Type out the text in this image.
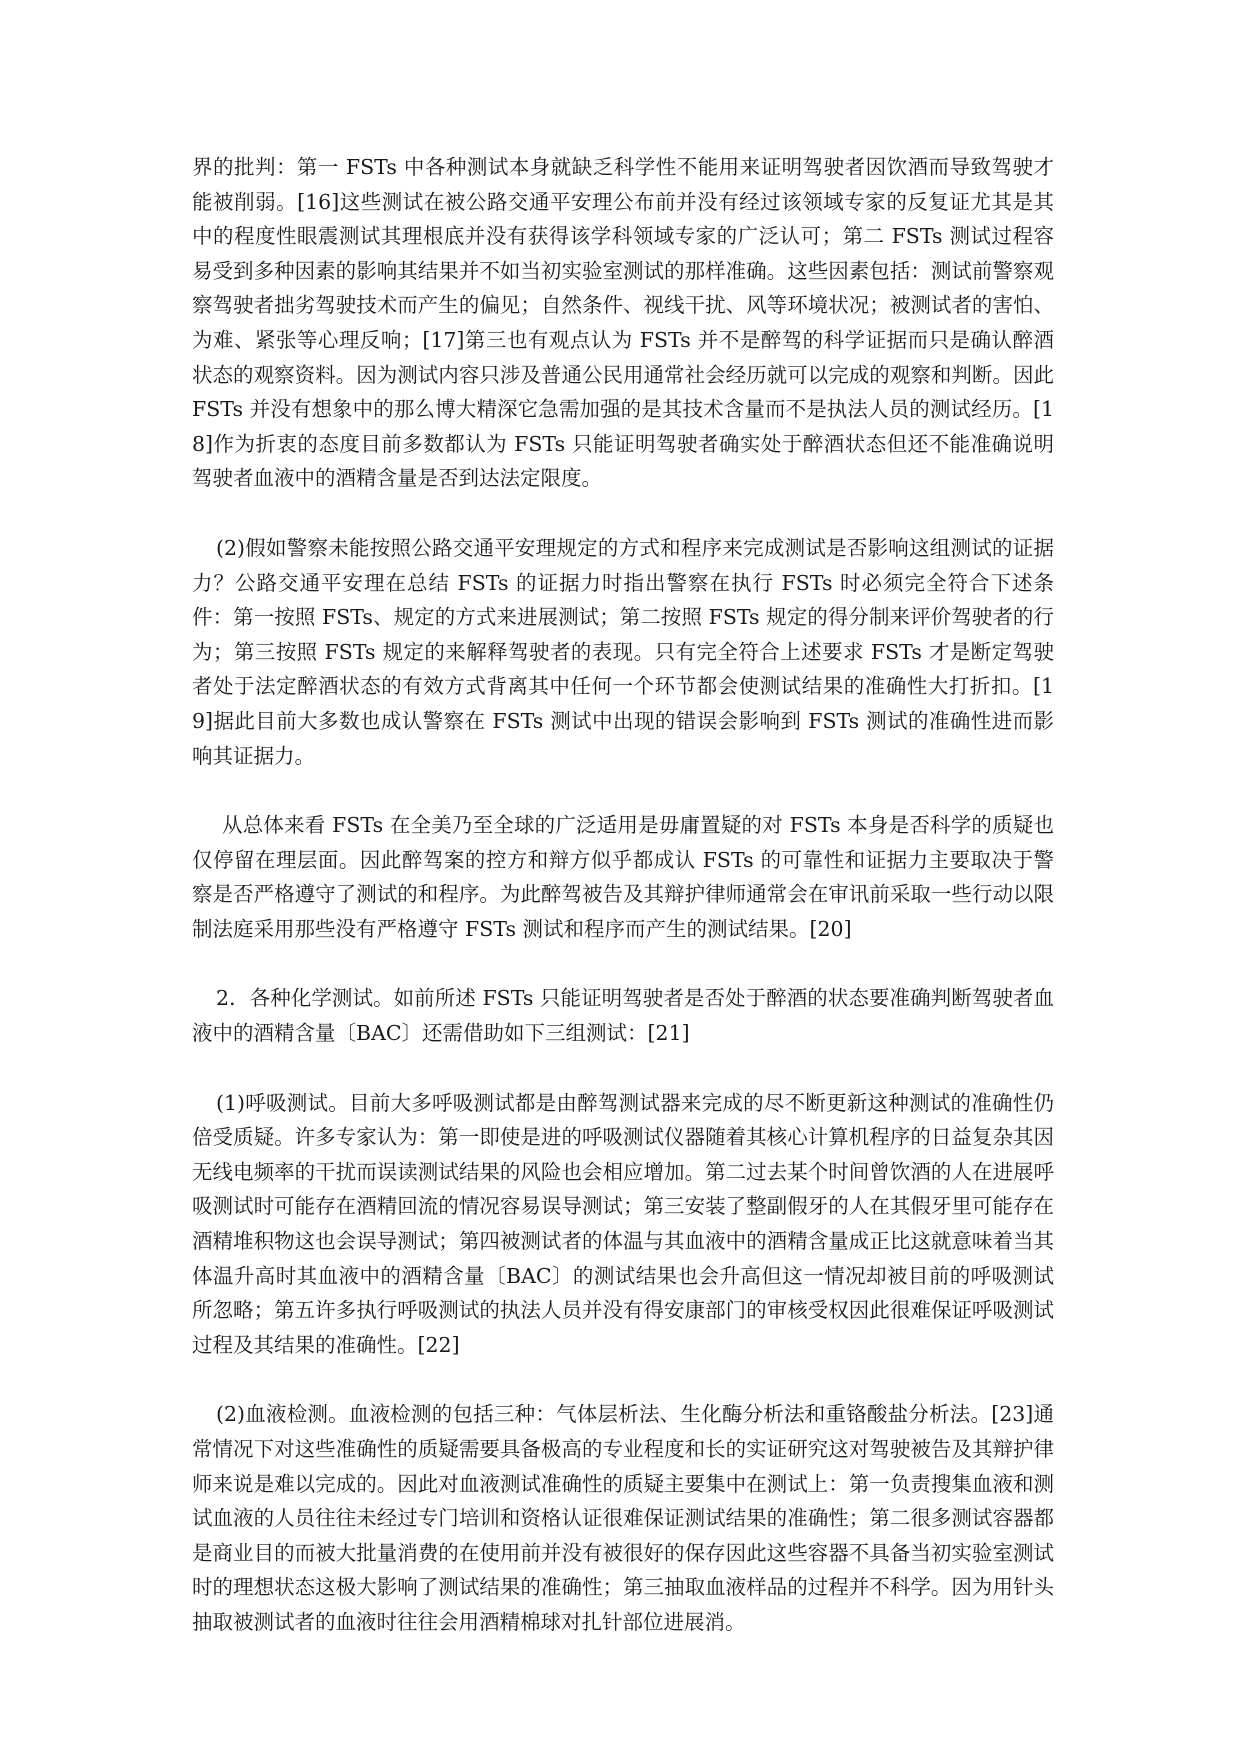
界的批判：第一 FSTs 中各种测试本身就缺乏科学性不能用来证明驾驶者因饮酒而导致驾驶才能被削弱。[16]这些测试在被公路交通平安理公布前并没有经过该领域专家的反复证尤其是其中的程度性眼震测试其理根底并没有获得该学科领域专家的广泛认可；第二 FSTs 测试过程容易受到多种因素的影响其结果并不如当初实验室测试的那样准确。这些因素包括：测试前警察观察驾驶者拙劣驾驶技术而产生的偏见；自然条件、视线干扰、风等环境状况；被测试者的害怕、为难、紧张等心理反响；[17]第三也有观点认为 FSTs 并不是醉驾的科学证据而只是确认醉酒状态的观察资料。因为测试内容只涉及普通公民用通常社会经历就可以完成的观察和判断。因此 FSTs 并没有想象中的那么博大精深它急需加强的是其技术含量而不是执法人员的测试经历。[18]作为折衷的态度目前多数都认为 FSTs 只能证明驾驶者确实处于醉酒状态但还不能准确说明驾驶者血液中的酒精含量是否到达法定限度。

(2)假如警察未能按照公路交通平安理规定的方式和程序来完成测试是否影响这组测试的证据力？公路交通平安理在总结 FSTs 的证据力时指出警察在执行 FSTs 时必须完全符合下述条件：第一按照 FSTs、规定的方式来进展测试；第二按照 FSTs 规定的得分制来评价驾驶者的行为；第三按照 FSTs 规定的来解释驾驶者的表现。只有完全符合上述要求 FSTs 才是断定驾驶者处于法定醉酒状态的有效方式背离其中任何一个环节都会使测试结果的准确性大打折扣。[19]据此目前大多数也成认警察在 FSTs 测试中出现的错误会影响到 FSTs 测试的准确性进而影响其证据力。

从总体来看 FSTs 在全美乃至全球的广泛适用是毋庸置疑的对 FSTs 本身是否科学的质疑也仅停留在理层面。因此醉驾案的控方和辩方似乎都成认 FSTs 的可靠性和证据力主要取决于警察是否严格遵守了测试的和程序。为此醉驾被告及其辩护律师通常会在审讯前采取一些行动以限制法庭采用那些没有严格遵守 FSTs 测试和程序而产生的测试结果。[20]

2．各种化学测试。如前所述 FSTs 只能证明驾驶者是否处于醉酒的状态要准确判断驾驶者血液中的酒精含量〔BAC〕还需借助如下三组测试：[21]

(1)呼吸测试。目前大多呼吸测试都是由醉驾测试器来完成的尽不断更新这种测试的准确性仍倍受质疑。许多专家认为：第一即使是进的呼吸测试仪器随着其核心计算机程序的日益复杂其因无线电频率的干扰而误读测试结果的风险也会相应增加。第二过去某个时间曾饮酒的人在进展呼吸测试时可能存在酒精回流的情况容易误导测试；第三安装了整副假牙的人在其假牙里可能存在酒精堆积物这也会误导测试；第四被测试者的体温与其血液中的酒精含量成正比这就意味着当其体温升高时其血液中的酒精含量〔BAC〕的测试结果也会升高但这一情况却被目前的呼吸测试所忽略；第五许多执行呼吸测试的执法人员并没有得安康部门的审核受权因此很难保证呼吸测试过程及其结果的准确性。[22]

(2)血液检测。血液检测的包括三种：气体层析法、生化酶分析法和重铬酸盐分析法。[23]通常情况下对这些准确性的质疑需要具备极高的专业程度和长的实证研究这对驾驶被告及其辩护律师来说是难以完成的。因此对血液测试准确性的质疑主要集中在测试上：第一负责搜集血液和测试血液的人员往往未经过专门培训和资格认证很难保证测试结果的准确性；第二很多测试容器都是商业目的而被大批量消费的在使用前并没有被很好的保存因此这些容器不具备当初实验室测试时的理想状态这极大影响了测试结果的准确性；第三抽取血液样品的过程并不科学。因为用针头抽取被测试者的血液时往往会用酒精棉球对扎针部位进展消。
